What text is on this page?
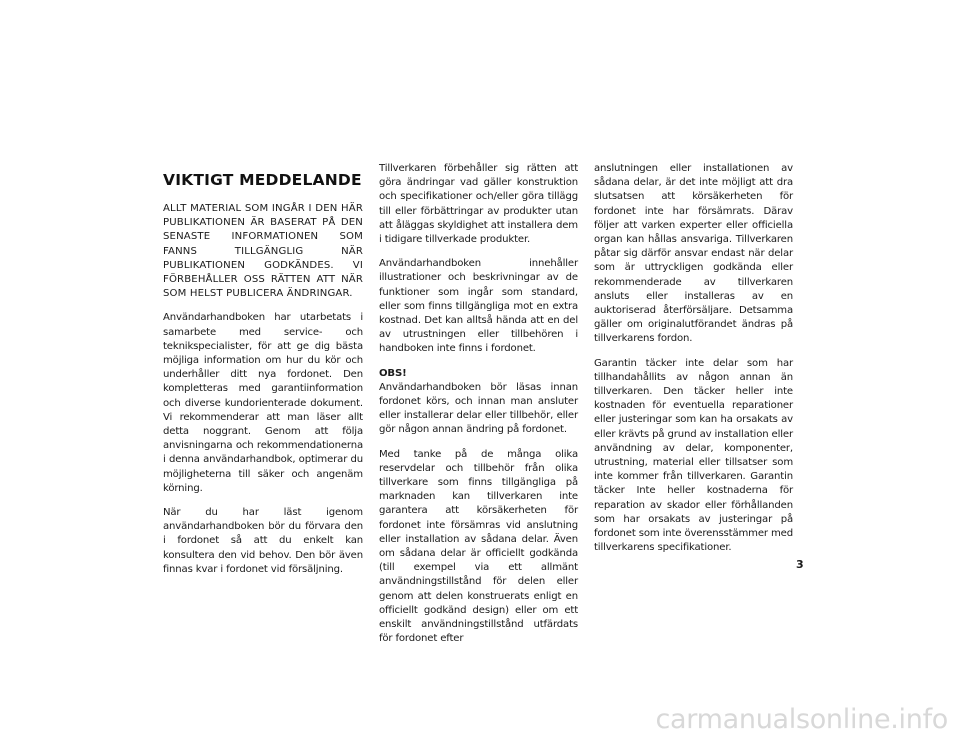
VIKTIGT MEDDELANDE

ALLT MATERIAL SOM INGÅR I DEN HÄR PUBLIKATIONEN ÄR BASERAT PÅ DEN SENASTE INFORMATIONEN SOM FANNS TILLGÄNGLIG NÄR PUBLIKATIONEN GODKÄNDES. VI FÖRBEHÅLLER OSS RÄTTEN ATT NÄR SOM HELST PUBLICERA ÄNDRINGAR.

Användarhandboken har utarbetats i samarbete med service- och teknikspecialister, för att ge dig bästa möjliga information om hur du kör och underhåller ditt nya fordonet. Den kompletteras med garantiinformation och diverse kundorienterade dokument. Vi rekommenderar att man läser allt detta noggrant. Genom att följa anvisningarna och rekommendationerna i denna användarhandbok, optimerar du möjligheterna till säker och angenäm körning.

När du har läst igenom användarhandboken bör du förvara den i fordonet så att du enkelt kan konsultera den vid behov. Den bör även finnas kvar i fordonet vid försäljning.

Tillverkaren förbehåller sig rätten att göra ändringar vad gäller konstruktion och specifikationer och/eller göra tillägg till eller förbättringar av produkter utan att åläggas skyldighet att installera dem i tidigare tillverkade produkter.

Användarhandboken innehåller illustrationer och beskrivningar av de funktioner som ingår som standard, eller som finns tillgängliga mot en extra kostnad. Det kan alltså hända att en del av utrustningen eller tillbehören i handboken inte finns i fordonet.

OBS!
Användarhandboken bör läsas innan fordonet körs, och innan man ansluter eller installerar delar eller tillbehör, eller gör någon annan ändring på fordonet.

Med tanke på de många olika reservdelar och tillbehör från olika tillverkare som finns tillgängliga på marknaden kan tillverkaren inte garantera att körsäkerheten för fordonet inte försämras vid anslutning eller installation av sådana delar. Även om sådana delar är officiellt godkända (till exempel via ett allmänt användningstillstånd för delen eller genom att delen konstruerats enligt en officiellt godkänd design) eller om ett enskilt användningstillstånd utfärdats för fordonet efter

anslutningen eller installationen av sådana delar, är det inte möjligt att dra slutsatsen att körsäkerheten för fordonet inte har försämrats. Därav följer att varken experter eller officiella organ kan hållas ansvariga. Tillverkaren påtar sig därför ansvar endast när delar som är uttryckligen godkända eller rekommenderade av tillverkaren ansluts eller installeras av en auktoriserad återförsäljare. Detsamma gäller om originalutförandet ändras på tillverkarens fordon.

Garantin täcker inte delar som har tillhandahållits av någon annan än tillverkaren. Den täcker heller inte kostnaden för eventuella reparationer eller justeringar som kan ha orsakats av eller krävts på grund av installation eller användning av delar, komponenter, utrustning, material eller tillsatser som inte kommer från tillverkaren. Garantin täcker Inte heller kostnaderna för reparation av skador eller förhållanden som har orsakats av justeringar på fordonet som inte överensstämmer med tillverkarens specifikationer.

3
carmanualsonline.info
